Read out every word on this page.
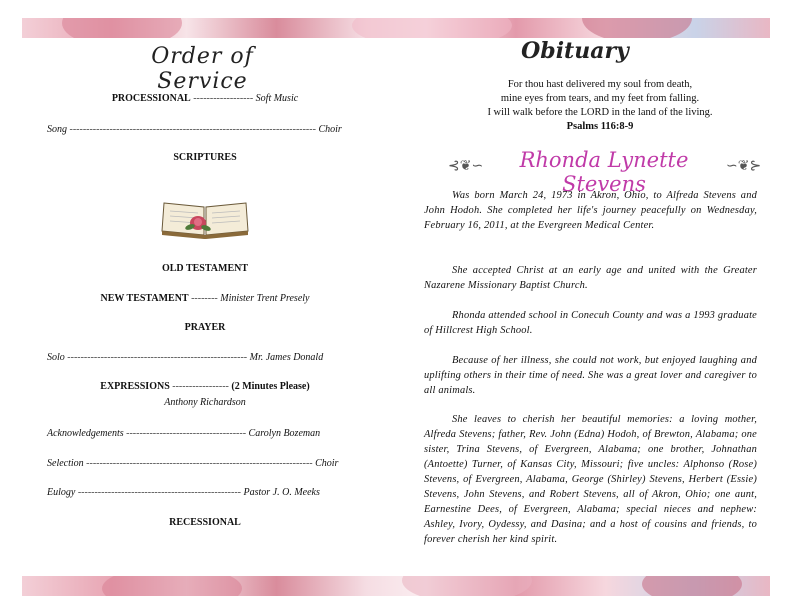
Order of Service
PROCESSIONAL ------------------ Soft Music
Song -------------------------------------------------------------------------- Choir
SCRIPTURES
OLD TESTAMENT
NEW TESTAMENT -------- Minister Trent Presely
PRAYER
Solo ------------------------------------------------------ Mr. James Donald
EXPRESSIONS ----------------- (2 Minutes Please)
Anthony Richardson
Acknowledgements ------------------------------------ Carolyn Bozeman
Selection -------------------------------------------------------------------- Choir
Eulogy ------------------------------------------------- Pastor J. O. Meeks
RECESSIONAL
Obituary
For thou hast delivered my soul from death,
mine eyes from tears, and my feet from falling.
I will walk before the LORD in the land of the living.
Psalms 116:8-9
⊰❦∽	Rhonda Lynette Stevens
∽❦⊱

Was born March 24, 1973 in Akron, Ohio, to Alfreda Stevens and John Hodoh. She completed her life's journey peacefully on Wednesday, February 16, 2011, at the Evergreen Medical Center.

She accepted Christ at an early age and united with the Greater Nazarene Missionary Baptist Church.

Rhonda attended school in Conecuh County and was a 1993 graduate of Hillcrest High School.

Because of her illness, she could not work, but enjoyed laughing and uplifting others in their time of need. She was a great lover and caregiver to all animals.

She leaves to cherish her beautiful memories: a loving mother, Alfreda Stevens; father, Rev. John (Edna) Hodoh, of Brewton, Alabama; one sister, Trina Stevens, of Evergreen, Alabama; one brother, Johnathan (Antoette) Turner, of Kansas City, Missouri; five uncles: Alphonso (Rose) Stevens, of Evergreen, Alabama, George (Shirley) Stevens, Herbert (Essie) Stevens, John Stevens, and Robert Stevens, all of Akron, Ohio; one aunt, Earnestine Dees, of Evergreen, Alabama; special nieces and nephew: Ashley, Ivory, Oydessy, and Dasina; and a host of cousins and friends, to forever cherish her kind spirit.
